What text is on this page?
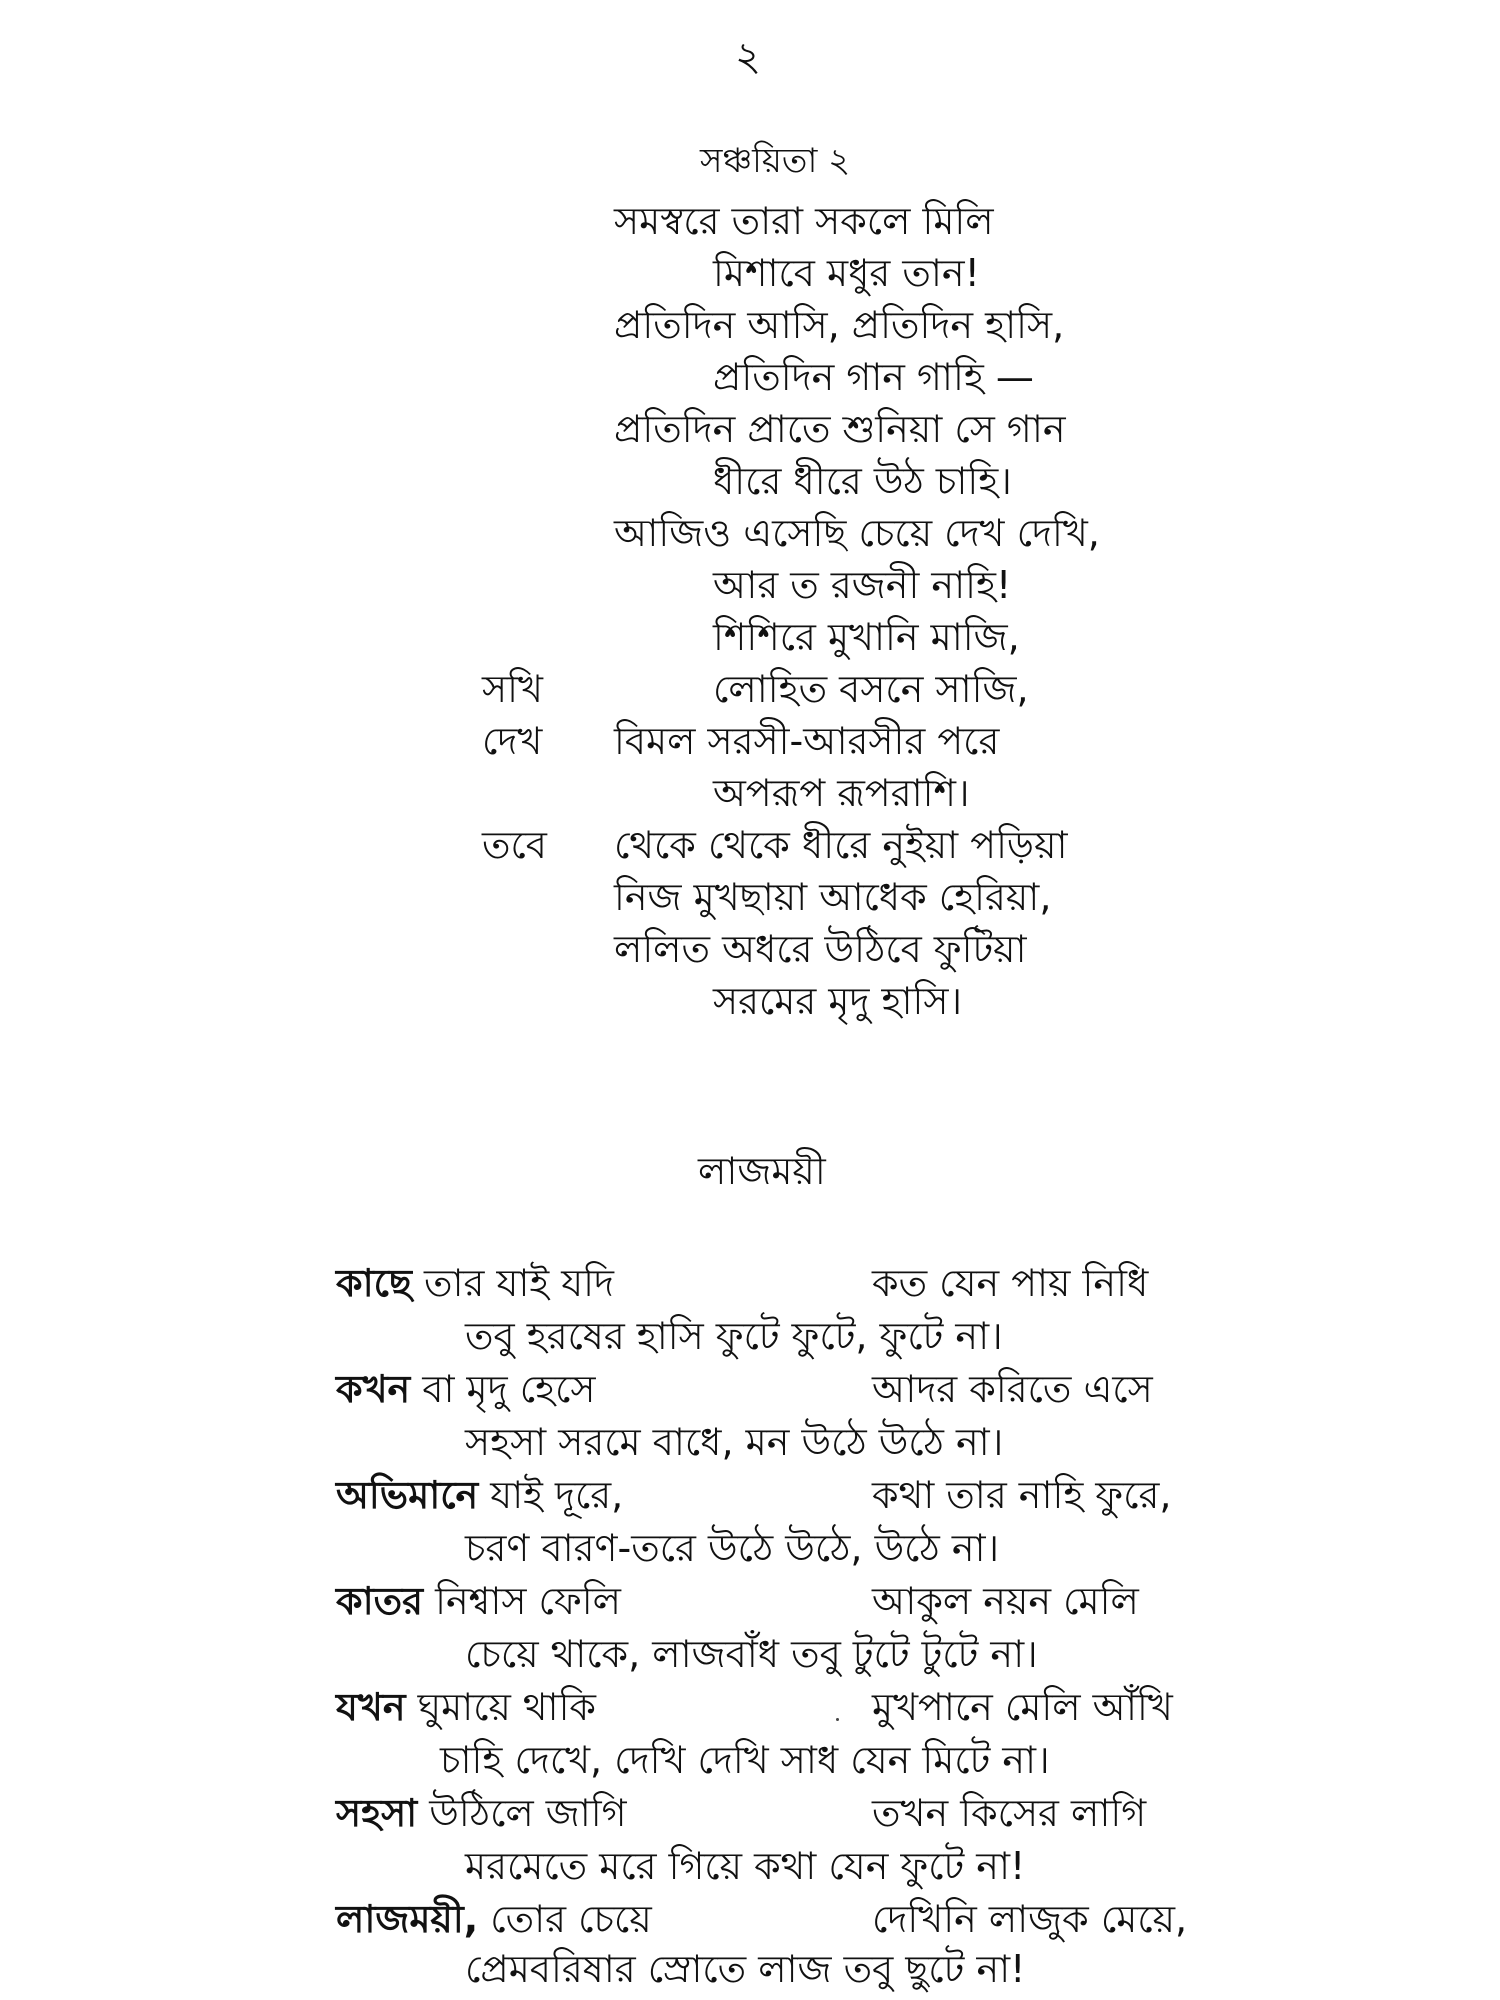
২
সঞ্চয়িতা ২
সমস্বরে তারা সকলে মিলি
মিশাবে মধুর তান!
প্রতিদিন আসি, প্রতিদিন হাসি,
প্রতিদিন গান গাহি —
প্রতিদিন প্রাতে শুনিয়া সে গান
ধীরে ধীরে উঠ চাহি।
আজিও এসেছি চেয়ে দেখ দেখি,
আর ত রজনী নাহি!
শিশিরে মুখানি মাজি,
লোহিত বসনে সাজি,
বিমল সরসী-আরসীর পরে
অপরূপ রূপরাশি।
থেকে থেকে ধীরে নুইয়া পড়িয়া
নিজ মুখছায়া আধেক হেরিয়া,
ললিত অধরে উঠিবে ফুটিয়া
সরমের মৃদু হাসি।
সখি
দেখ
তবে
লাজময়ী
কাছে তার যাই যদি	কত যেন পায় নিধি
তবু হরষের হাসি ফুটে ফুটে, ফুটে না।
কখন বা মৃদু হেসে	আদর করিতে এসে
সহসা সরমে বাধে, মন উঠে উঠে না।
অভিমানে যাই দূরে,	কথা তার নাহি ফুরে,
চরণ বারণ-তরে উঠে উঠে, উঠে না।
কাতর নিশ্বাস ফেলি	আকুল নয়ন মেলি
চেয়ে থাকে, লাজবাঁধ তবু টুটে টুটে না।
যখন ঘুমায়ে থাকি	মুখপানে মেলি আঁখি
চাহি দেখে, দেখি দেখি সাধ যেন মিটে না।
সহসা উঠিলে জাগি	তখন কিসের লাগি
মরমেতে মরে গিয়ে কথা যেন ফুটে না!
লাজময়ী, তোর চেয়ে	দেখিনি লাজুক মেয়ে,
প্রেমবরিষার স্রোতে লাজ তবু ছুটে না!
